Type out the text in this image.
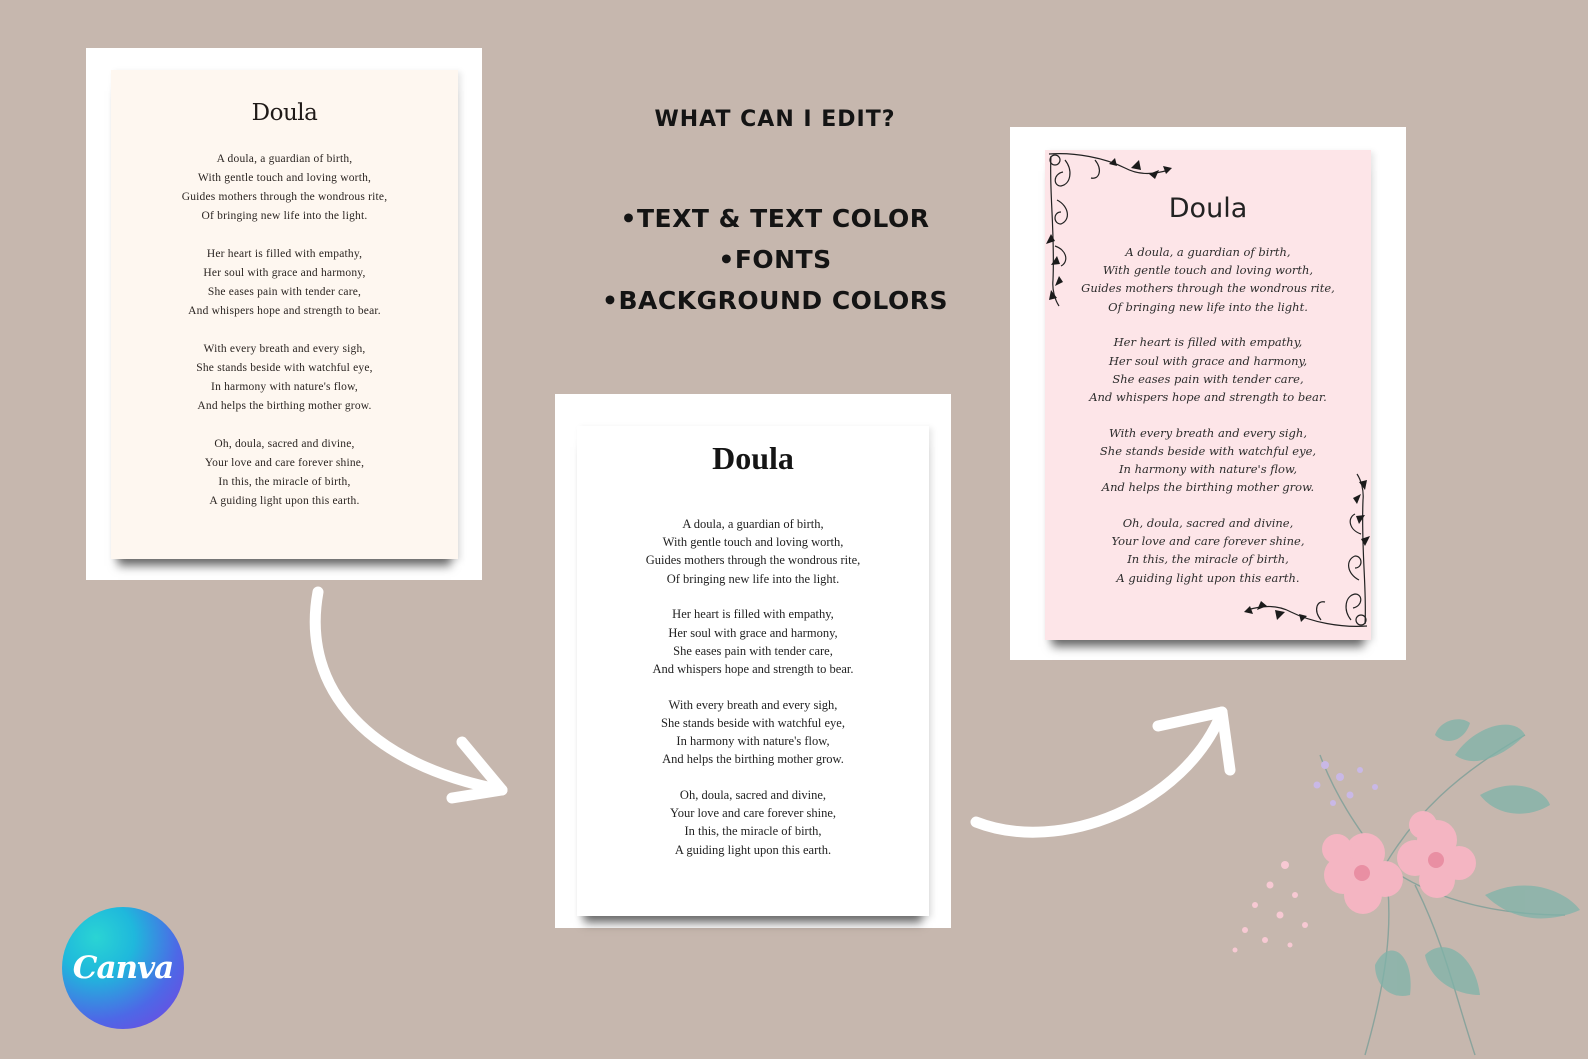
Doula

A doula, a guardian of birth,
With gentle touch and loving worth,
Guides mothers through the wondrous rite,
Of bringing new life into the light.

Her heart is filled with empathy,
Her soul with grace and harmony,
She eases pain with tender care,
And whispers hope and strength to bear.

With every breath and every sigh,
She stands beside with watchful eye,
In harmony with nature's flow,
And helps the birthing mother grow.

Oh, doula, sacred and divine,
Your love and care forever shine,
In this, the miracle of birth,
A guiding light upon this earth.

Doula

A doula, a guardian of birth,
With gentle touch and loving worth,
Guides mothers through the wondrous rite,
Of bringing new life into the light.

Her heart is filled with empathy,
Her soul with grace and harmony,
She eases pain with tender care,
And whispers hope and strength to bear.

With every breath and every sigh,
She stands beside with watchful eye,
In harmony with nature's flow,
And helps the birthing mother grow.

Oh, doula, sacred and divine,
Your love and care forever shine,
In this, the miracle of birth,
A guiding light upon this earth.

Doula

A doula, a guardian of birth,
With gentle touch and loving worth,
Guides mothers through the wondrous rite,
Of bringing new life into the light.

Her heart is filled with empathy,
Her soul with grace and harmony,
She eases pain with tender care,
And whispers hope and strength to bear.

With every breath and every sigh,
She stands beside with watchful eye,
In harmony with nature's flow,
And helps the birthing mother grow.

Oh, doula, sacred and divine,
Your love and care forever shine,
In this, the miracle of birth,
A guiding light upon this earth.

WHAT CAN I EDIT?
• TEXT & TEXT COLOR
• FONTS
• BACKGROUND COLORS
Canva
